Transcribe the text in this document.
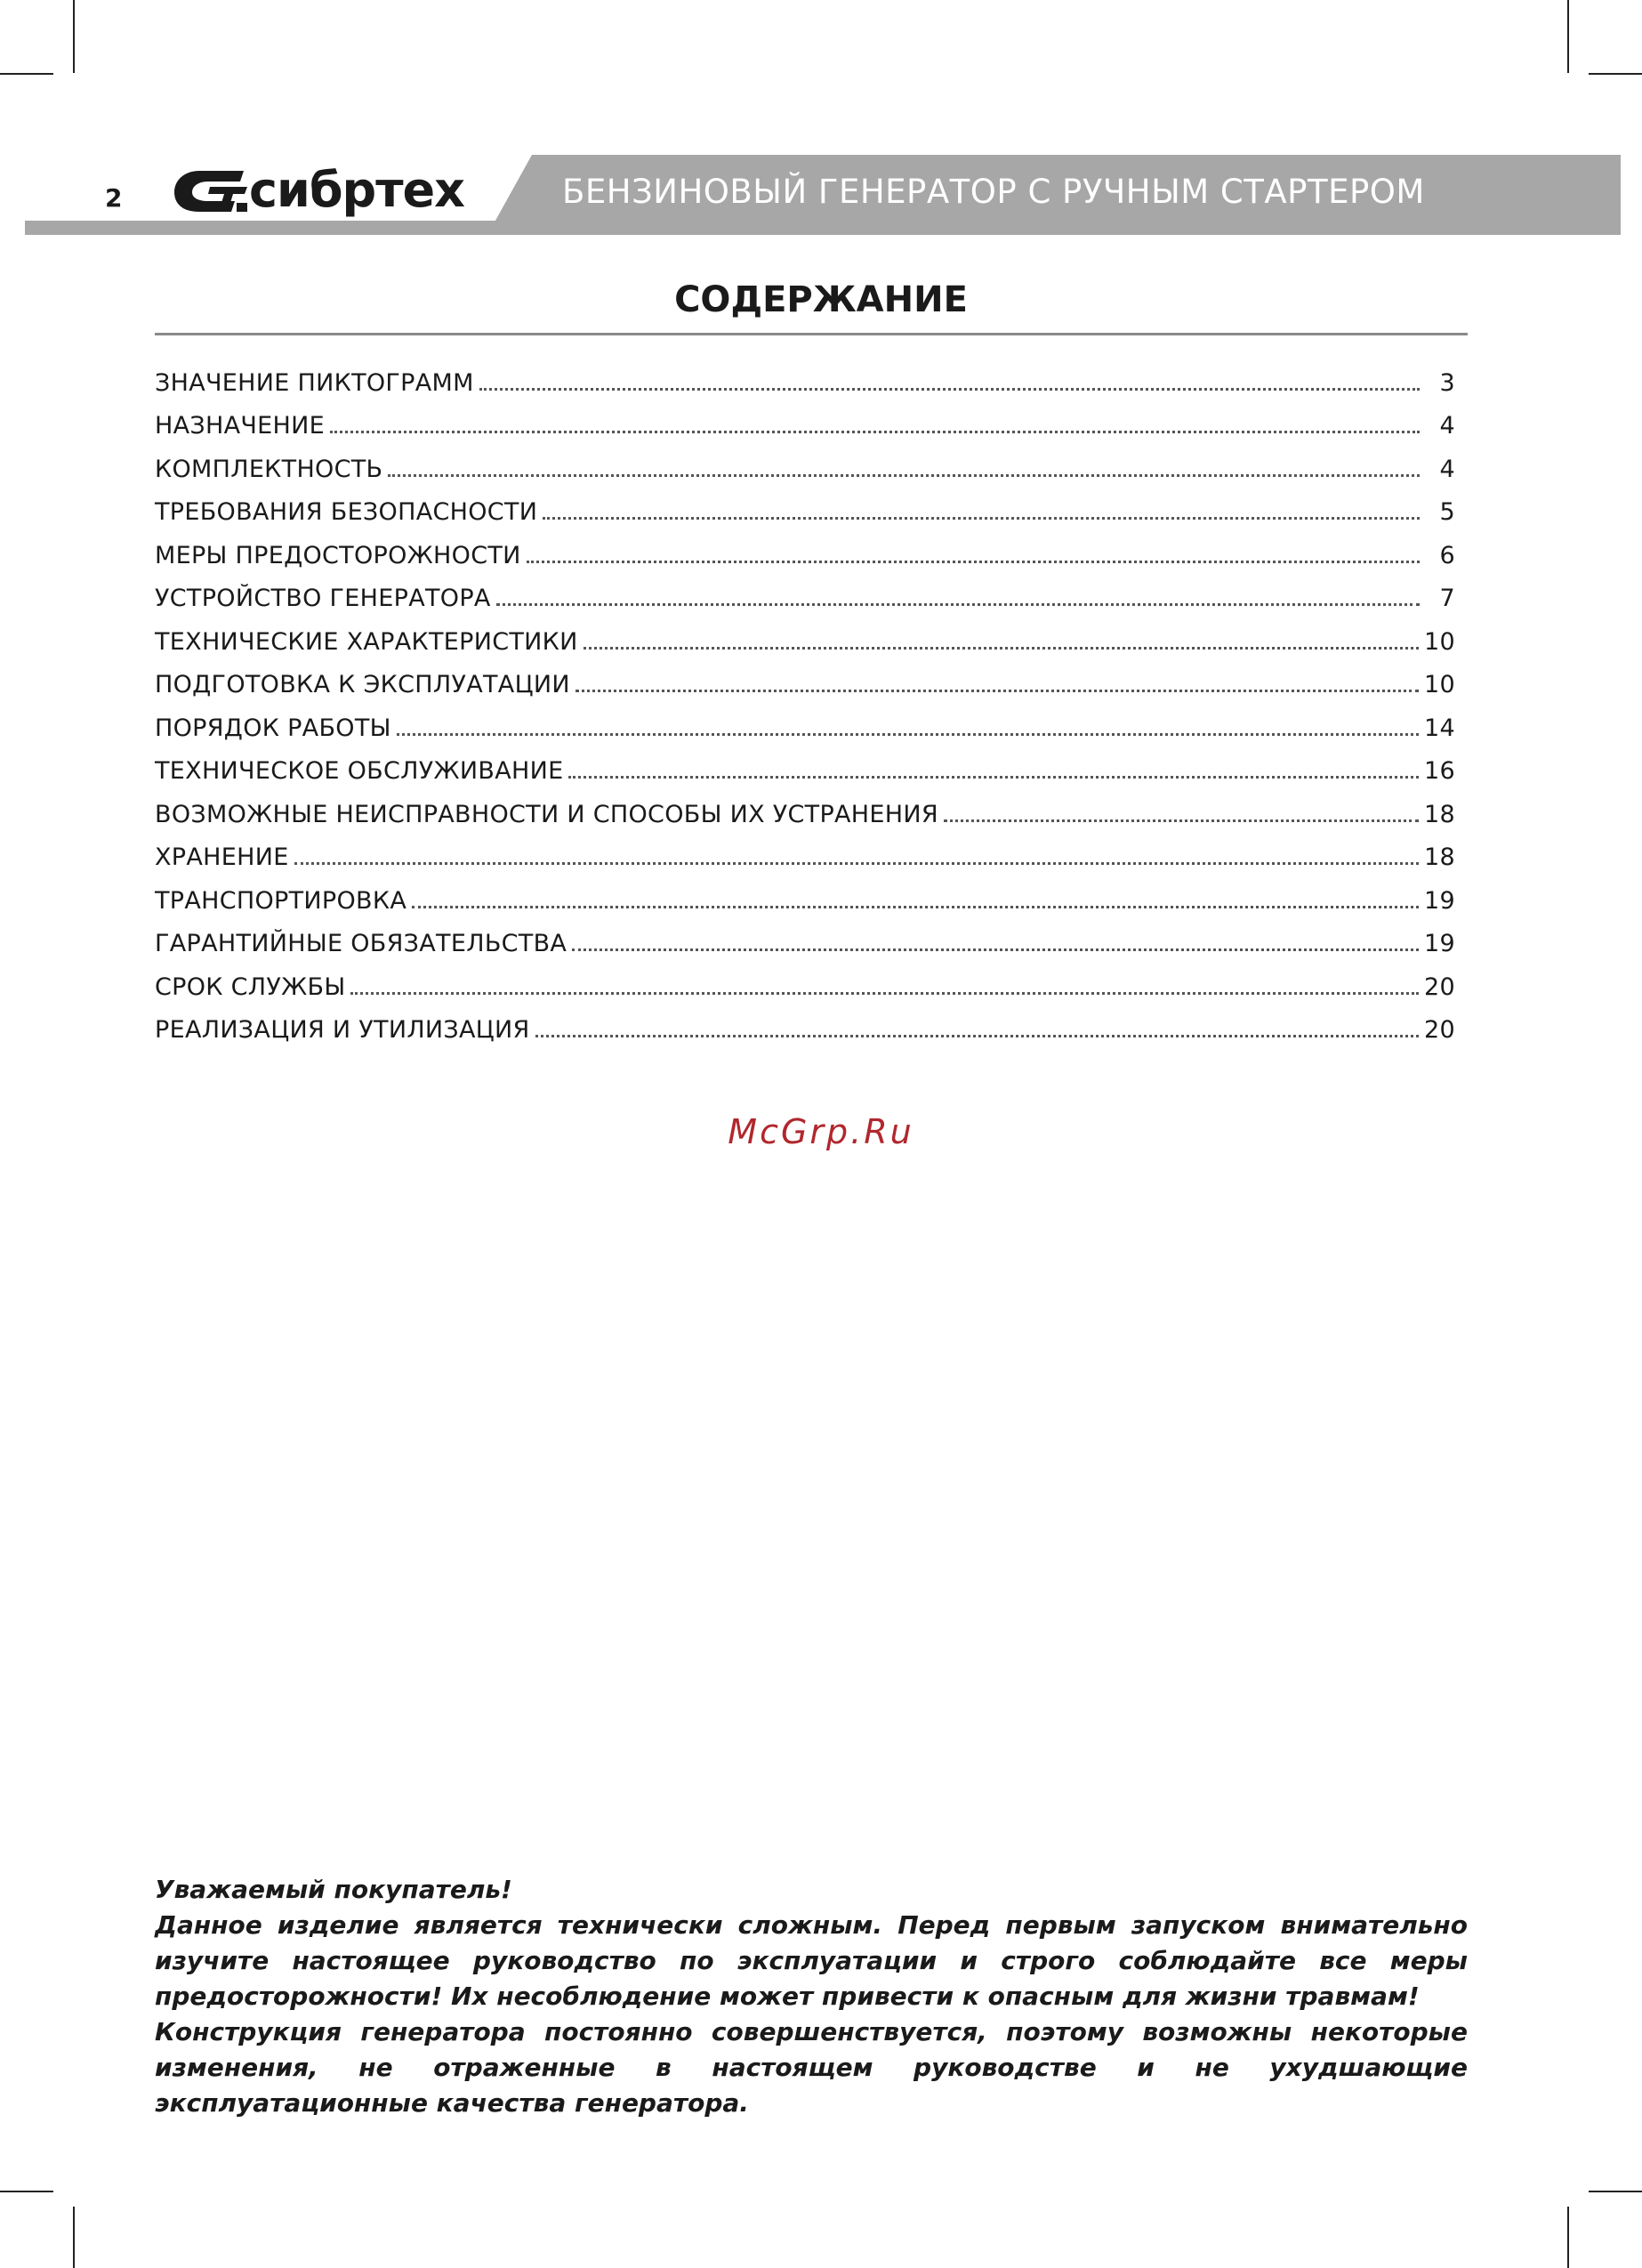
2	сибртех	БЕНЗИНОВЫЙ ГЕНЕРАТОР С РУЧНЫМ СТАРТЕРОМ
СОДЕРЖАНИЕ
ЗНАЧЕНИЕ ПИКТОГРАММ	3
НАЗНАЧЕНИЕ	4
КОМПЛЕКТНОСТЬ	4
ТРЕБОВАНИЯ БЕЗОПАСНОСТИ	5
МЕРЫ ПРЕДОСТОРОЖНОСТИ	6
УСТРОЙСТВО ГЕНЕРАТОРА	7
ТЕХНИЧЕСКИЕ ХАРАКТЕРИСТИКИ	10
ПОДГОТОВКА К ЭКСПЛУАТАЦИИ	10
ПОРЯДОК РАБОТЫ	14
ТЕХНИЧЕСКОЕ ОБСЛУЖИВАНИЕ	16
ВОЗМОЖНЫЕ НЕИСПРАВНОСТИ И СПОСОБЫ ИХ УСТРАНЕНИЯ	18
ХРАНЕНИЕ	18
ТРАНСПОРТИРОВКА	19
ГАРАНТИЙНЫЕ ОБЯЗАТЕЛЬСТВА	19
СРОК СЛУЖБЫ	20
РЕАЛИЗАЦИЯ И УТИЛИЗАЦИЯ	20
McGrp.Ru

Уважаемый покупатель!

Данное изделие является технически сложным. Перед первым запуском внимательно изучите настоящее руководство по эксплуатации и строго соблюдайте все меры предосторожности! Их несоблюдение может привести к опасным для жизни травмам!

Конструкция генератора постоянно совершенствуется, поэтому возможны некоторые изменения, не отраженные в настоящем руководстве и не ухудшающие эксплуатационные качества генератора.
